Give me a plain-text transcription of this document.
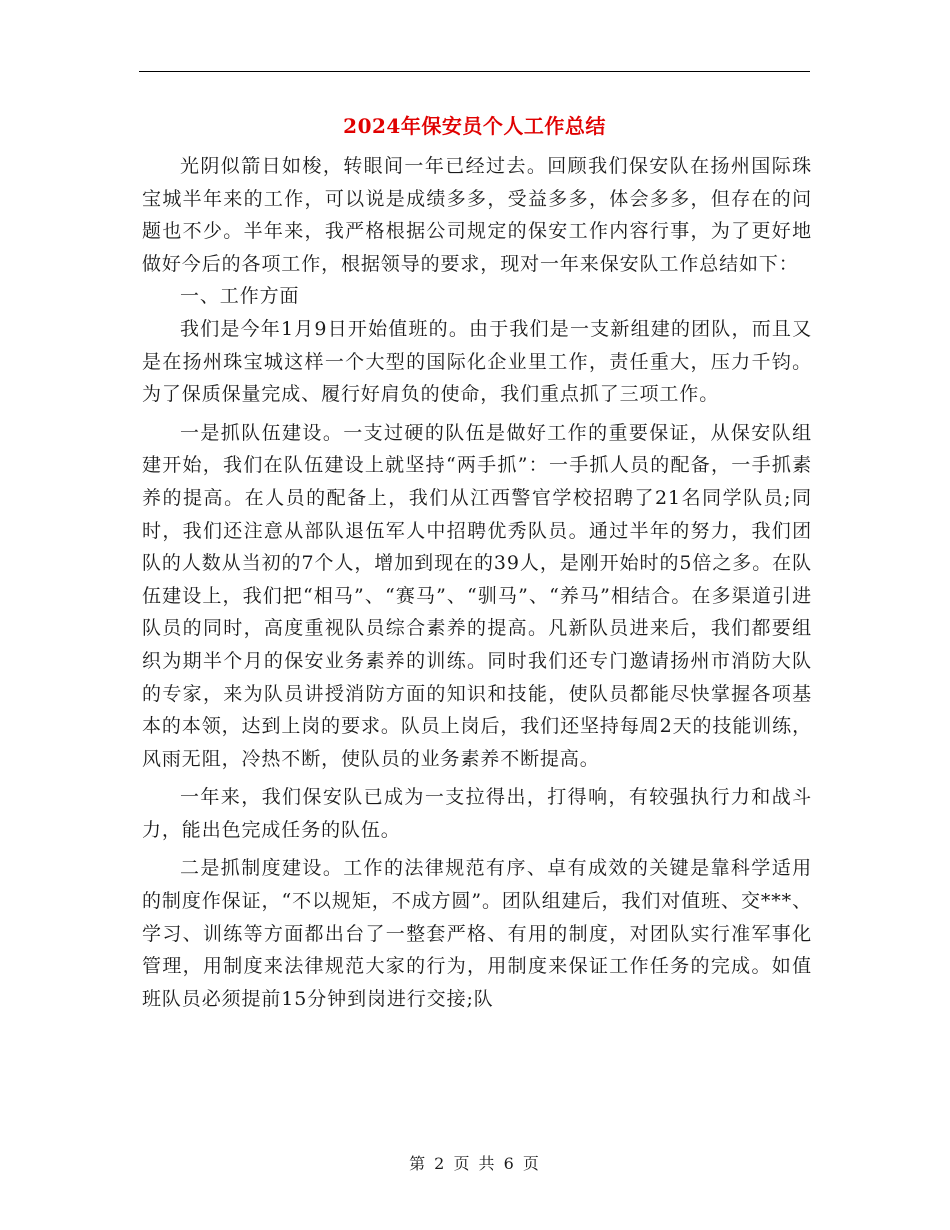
2024年保安员个人工作总结

光阴似箭日如梭，转眼间一年已经过去。回顾我们保安队在扬州国际珠宝城半年来的工作，可以说是成绩多多，受益多多，体会多多，但存在的问题也不少。半年来，我严格根据公司规定的保安工作内容行事，为了更好地做好今后的各项工作，根据领导的要求，现对一年来保安队工作总结如下：

一、工作方面

我们是今年1月9日开始值班的。由于我们是一支新组建的团队，而且又是在扬州珠宝城这样一个大型的国际化企业里工作，责任重大，压力千钧。为了保质保量完成、履行好肩负的使命，我们重点抓了三项工作。

一是抓队伍建设。一支过硬的队伍是做好工作的重要保证，从保安队组建开始，我们在队伍建设上就坚持“两手抓”：一手抓人员的配备，一手抓素养的提高。在人员的配备上，我们从江西警官学校招聘了21名同学队员;同时，我们还注意从部队退伍军人中招聘优秀队员。通过半年的努力，我们团队的人数从当初的7个人，增加到现在的39人，是刚开始时的5倍之多。在队伍建设上，我们把“相马”、“赛马”、“驯马”、“养马”相结合。在多渠道引进队员的同时，高度重视队员综合素养的提高。凡新队员进来后，我们都要组织为期半个月的保安业务素养的训练。同时我们还专门邀请扬州市消防大队的专家，来为队员讲授消防方面的知识和技能，使队员都能尽快掌握各项基本的本领，达到上岗的要求。队员上岗后，我们还坚持每周2天的技能训练，风雨无阻，冷热不断，使队员的业务素养不断提高。

一年来，我们保安队已成为一支拉得出，打得响，有较强执行力和战斗力，能出色完成任务的队伍。

二是抓制度建设。工作的法律规范有序、卓有成效的关键是靠科学适用的制度作保证，“不以规矩，不成方圆”。团队组建后，我们对值班、交***、学习、训练等方面都出台了一整套严格、有用的制度，对团队实行准军事化管理，用制度来法律规范大家的行为，用制度来保证工作任务的完成。如值班队员必须提前15分钟到岗进行交接;队

第 2 页 共 6 页
